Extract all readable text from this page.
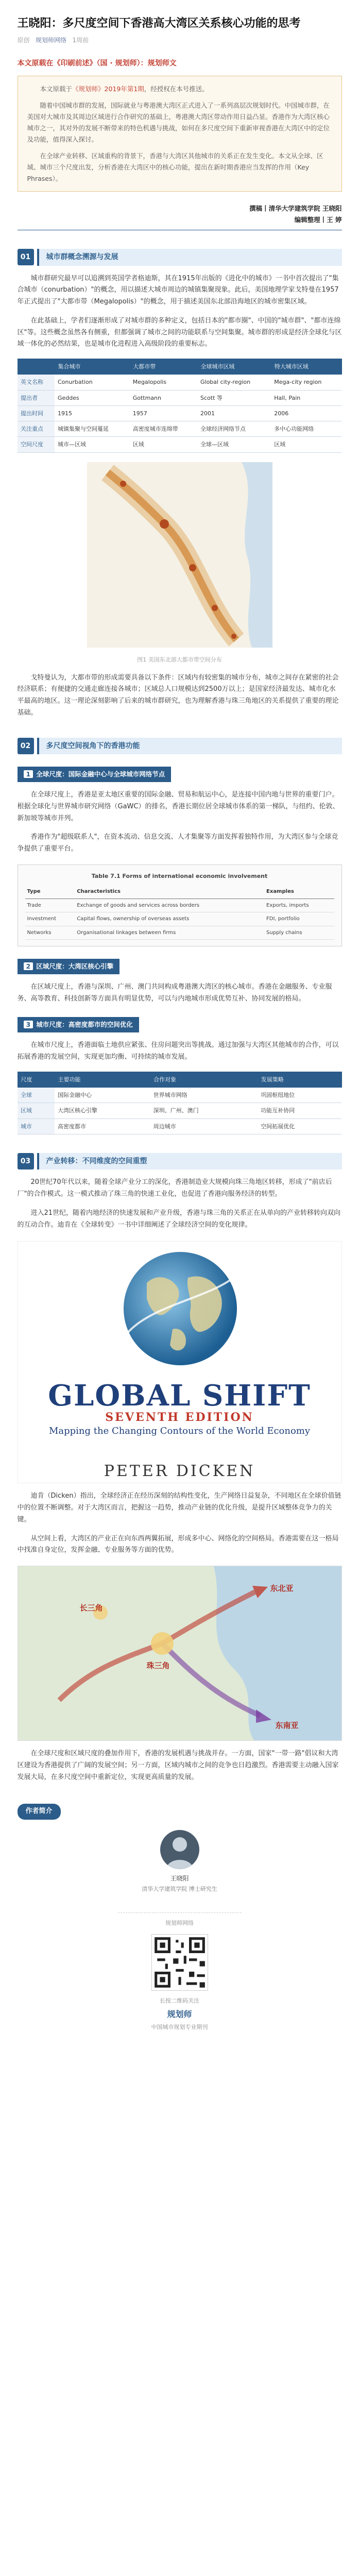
王晓阳：多尺度空间下香港高大湾区关系核心功能的思考
原创 规划师网络 1周前
本文原载在《印刷前述》（国 · 规划师）：规划师文

本文原载于《规划师》2019年第1期，经授权在本号推送。

随着中国城市群的发展，国际就业与粤港澳大湾区正式进入了一系列高层次规划时代。中国城市群，在美国对大城市及其周边区域进行合作研究的基础上，粤港澳大湾区带动作用日益凸显。香港作为大湾区核心城市之一，其对外的发展不断带来的特色机遇与挑战，如何在多尺度空间下重新审视香港在大湾区中的定位及功能，值得深入探讨。

在全球产业转移、区域重构的背景下，香港与大湾区其他城市的关系正在发生变化。本文从全球、区域、城市三个尺度出发，分析香港在大湾区中的核心功能，提出在新时期香港应当发挥的作用（Key Phrases）。

撰稿丨清华大学建筑学院 王晓阳
编辑整理丨王 婷
01	城市群概念溯源与发展

城市群研究最早可以追溯到英国学者格迪斯，其在1915年出版的《进化中的城市》一书中首次提出了"集合城市（conurbation）"的概念，用以描述大城市周边的城镇集聚现象。此后，美国地理学家戈特曼在1957年正式提出了"大都市带（Megalopolis）"的概念，用于描述美国东北部沿海地区的城市密集区域。

在此基础上，学者们逐渐形成了对城市群的多种定义，包括日本的"都市圈"、中国的"城市群"、"都市连绵区"等。这些概念虽然各有侧重，但都强调了城市之间的功能联系与空间集聚。城市群的形成是经济全球化与区域一体化的必然结果，也是城市化进程进入高级阶段的重要标志。

	集合城市	大都市带	全球城市区域	特大城市区域
英文名称	Conurbation	Megalopolis	Global city-region	Mega-city region
提出者	Geddes	Gottmann	Scott 等	Hall, Pain
提出时间	1915	1957	2001	2006
关注重点	城镇集聚与空间蔓延	高密度城市连绵带	全球经济网络节点	多中心功能网络
空间尺度	城市—区域	区域	全球—区域	区域
图1 美国东北部大都市带空间分布

戈特曼认为，大都市带的形成需要具备以下条件：区域内有较密集的城市分布，城市之间存在紧密的社会经济联系；有便捷的交通走廊连接各城市；区域总人口规模达到2500万以上；是国家经济最发达、城市化水平最高的地区。这一理论深刻影响了后来的城市群研究，也为理解香港与珠三角地区的关系提供了重要的理论基础。

02	多尺度空间视角下的香港功能
1 全球尺度：国际金融中心与全球城市网络节点

在全球尺度上，香港是亚太地区重要的国际金融、贸易和航运中心，是连接中国内地与世界的重要门户。根据全球化与世界城市研究网络（GaWC）的排名，香港长期位居全球城市体系的第一梯队，与纽约、伦敦、新加坡等城市并列。

香港作为"超级联系人"，在资本流动、信息交流、人才集聚等方面发挥着独特作用，为大湾区参与全球竞争提供了重要平台。

Table 7.1 Forms of international economic involvement
Type	Characteristics	Examples
Trade	Exchange of goods and services across borders	Exports, imports
Investment	Capital flows, ownership of overseas assets	FDI, portfolio
Networks	Organisational linkages between firms	Supply chains
2 区域尺度：大湾区核心引擎

在区域尺度上，香港与深圳、广州、澳门共同构成粤港澳大湾区的核心城市。香港在金融服务、专业服务、高等教育、科技创新等方面具有明显优势，可以与内地城市形成优势互补、协同发展的格局。

3 城市尺度：高密度都市的空间优化

在城市尺度上，香港面临土地供应紧张、住房问题突出等挑战。通过加强与大湾区其他城市的合作，可以拓展香港的发展空间，实现更加均衡、可持续的城市发展。

尺度	主要功能	合作对象	发展策略
全球	国际金融中心	世界城市网络	巩固枢纽地位
区域	大湾区核心引擎	深圳、广州、澳门	功能互补协同
城市	高密度都市	周边城市	空间拓展优化
03	产业转移：不同维度的空间重塑

20世纪70年代以来，随着全球产业分工的深化，香港制造业大规模向珠三角地区转移，形成了"前店后厂"的合作模式。这一模式推动了珠三角的快速工业化，也促进了香港向服务经济的转型。

进入21世纪，随着内地经济的快速发展和产业升级，香港与珠三角的关系正在从单向的产业转移转向双向的互动合作。迪肯在《全球转变》一书中详细阐述了全球经济空间的变化规律。

GLOBAL SHIFT
SEVENTH EDITION
Mapping the Changing Contours of the World Economy
PETER DICKEN

迪肯（Dicken）指出，全球经济正在经历深刻的结构性变化，生产网络日益复杂，不同地区在全球价值链中的位置不断调整。对于大湾区而言，把握这一趋势，推动产业链的优化升级，是提升区域整体竞争力的关键。

从空间上看，大湾区的产业正在向东西两翼拓展，形成多中心、网络化的空间格局。香港需要在这一格局中找准自身定位，发挥金融、专业服务等方面的优势。

东北亚
东南亚
长三角
珠三角

在全球尺度和区域尺度的叠加作用下，香港的发展机遇与挑战并存。一方面，国家"一带一路"倡议和大湾区建设为香港提供了广阔的发展空间；另一方面，区域内城市之间的竞争也日趋激烈。香港需要主动融入国家发展大局，在多尺度空间中重新定位，实现更高质量的发展。

作者简介
王晓阳
清华大学建筑学院 博士研究生
规划师网络
长按二维码关注
规划师
中国城市规划专业期刊
